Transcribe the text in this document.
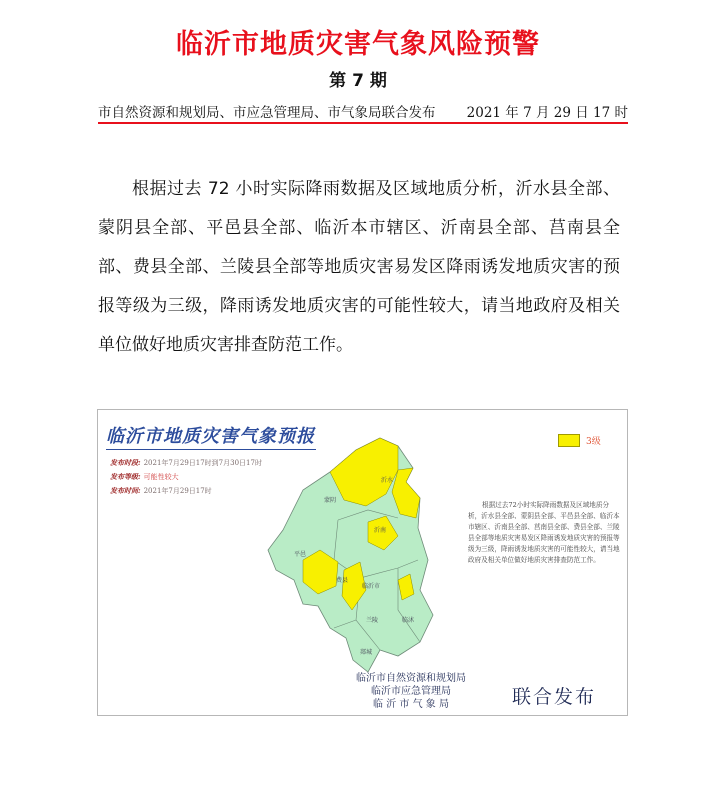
临沂市地质灾害气象风险预警
第 7 期
市自然资源和规划局、市应急管理局、市气象局联合发布 2021 年 7 月 29 日 17 时
根据过去 72 小时实际降雨数据及区域地质分析，沂水县全部、蒙阴县全部、平邑县全部、临沂本市辖区、沂南县全部、莒南县全部、费县全部、兰陵县全部等地质灾害易发区降雨诱发地质灾害的预报等级为三级，降雨诱发地质灾害的可能性较大，请当地政府及相关单位做好地质灾害排查防范工作。
沂水
蒙阴
沂南
平邑
费县
临沂市
临沭
郯城
兰陵
临沂市地质灾害气象预报
发布时段: 2021年7月29日17时到7月30日17时
发布等级: 可能性较大
发布时间: 2021年7月29日17时
3级
根据过去72小时实际降雨数据及区域地质分析，沂水县全部、蒙阴县全部、平邑县全部、临沂本市辖区、沂南县全部、莒南县全部、费县全部、兰陵县全部等地质灾害易发区降雨诱发地质灾害的预报等级为三级，降雨诱发地质灾害的可能性较大，请当地政府及相关单位做好地质灾害排查防范工作。
临沂市自然资源和规划局
临沂市应急管理局
临 沂 市 气 象 局	联合发布
